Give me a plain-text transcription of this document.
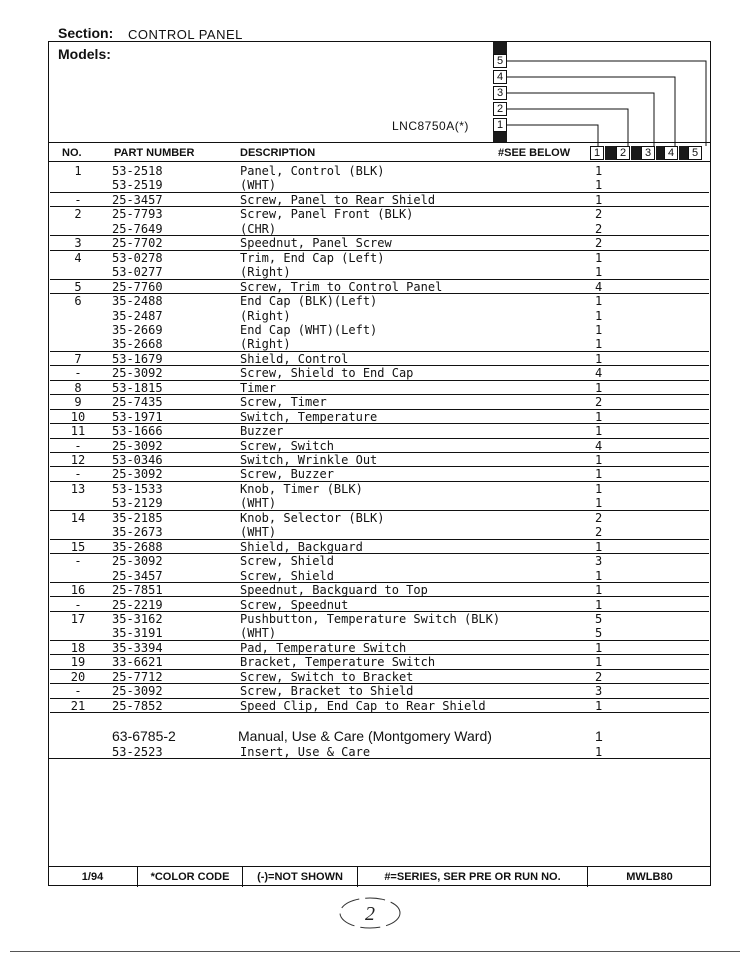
Section: CONTROL PANEL
Models:
LNC8750A(*)
5
4
3
2
1
NO.	PART NUMBER	DESCRIPTION	#SEE BELOW	1	2	3	4	5
1	53-2518	Panel, Control (BLK)	1
53-2519	(WHT)	1
-	25-3457	Screw, Panel to Rear Shield	1
2	25-7793	Screw, Panel Front (BLK)	2
25-7649	(CHR)	2
3	25-7702	Speednut, Panel Screw	2
4	53-0278	Trim, End Cap (Left)	1
53-0277	(Right)	1
5	25-7760	Screw, Trim to Control Panel	4
6	35-2488	End Cap (BLK)(Left)	1
35-2487	(Right)	1
35-2669	End Cap (WHT)(Left)	1
35-2668	(Right)	1
7	53-1679	Shield, Control	1
-	25-3092	Screw, Shield to End Cap	4
8	53-1815	Timer	1
9	25-7435	Screw, Timer	2
10	53-1971	Switch, Temperature	1
11	53-1666	Buzzer	1
-	25-3092	Screw, Switch	4
12	53-0346	Switch, Wrinkle Out	1
-	25-3092	Screw, Buzzer	1
13	53-1533	Knob, Timer (BLK)	1
53-2129	(WHT)	1
14	35-2185	Knob, Selector (BLK)	2
35-2673	(WHT)	2
15	35-2688	Shield, Backguard	1
-	25-3092	Screw, Shield	3
25-3457	Screw, Shield	1
16	25-7851	Speednut, Backguard to Top	1
-	25-2219	Screw, Speednut	1
17	35-3162	Pushbutton, Temperature Switch (BLK)	5
35-3191	(WHT)	5
18	35-3394	Pad, Temperature Switch	1
19	33-6621	Bracket, Temperature Switch	1
20	25-7712	Screw, Switch to Bracket	2
-	25-3092	Screw, Bracket to Shield	3
21	25-7852	Speed Clip, End Cap to Rear Shield	1
63-6785-2	Manual, Use & Care (Montgomery Ward)	1
53-2523	Insert, Use & Care	1
1/94	*COLOR CODE	(-)=NOT SHOWN	#=SERIES, SER PRE OR RUN NO.	MWLB80
2
